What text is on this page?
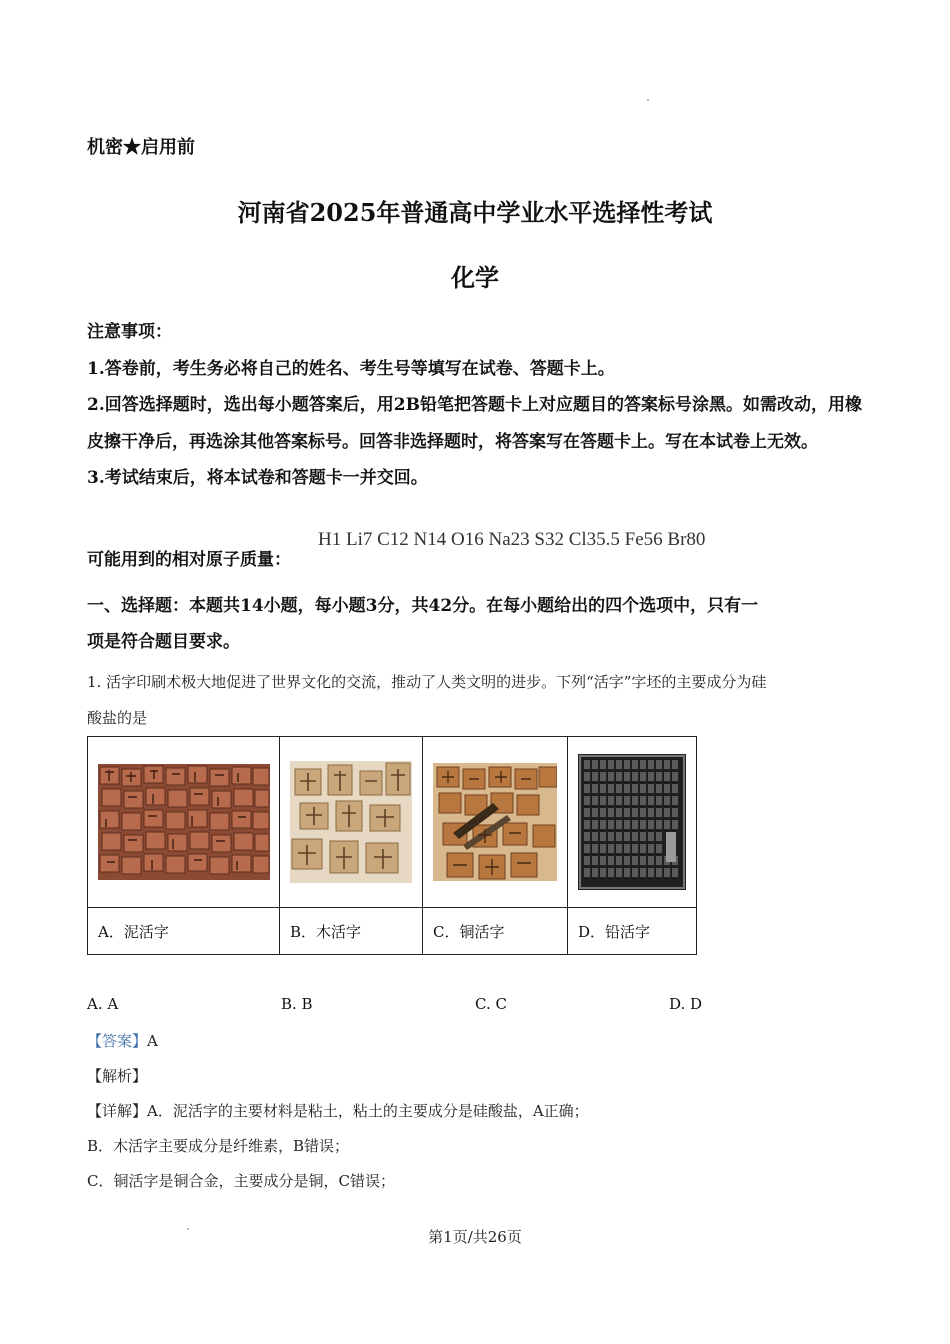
机密★启用前
河南省2025年普通高中学业水平选择性考试
化学

注意事项：

1.答卷前，考生务必将自己的姓名、考生号等填写在试卷、答题卡上。

2.回答选择题时，选出每小题答案后，用2B铅笔把答题卡上对应题目的答案标号涂黑。如需改动，用橡皮擦干净后，再选涂其他答案标号。回答非选择题时，将答案写在答题卡上。写在本试卷上无效。

3.考试结束后，将本试卷和答题卡一并交回。

可能用到的相对原子质量：
H1 Li7 C12 N14 O16 Na23 S32 Cl35.5 Fe56 Br80

一、选择题：本题共14小题，每小题3分，共42分。在每小题给出的四个选项中，只有一

项是符合题目要求。

1. 活字印刷术极大地促进了世界文化的交流，推动了人类文明的进步。下列“活字”字坯的主要成分为硅

酸盐的是

A．泥活字	B．木活字	C．铜活字	D．铅活字
A. A	B. B	C. C	D. D
【答案】A
【解析】
【详解】A．泥活字的主要材料是粘土，粘土的主要成分是硅酸盐，A正确；
B．木活字主要成分是纤维素，B错误；
C．铜活字是铜合金，主要成分是铜，C错误；
第1页/共26页
